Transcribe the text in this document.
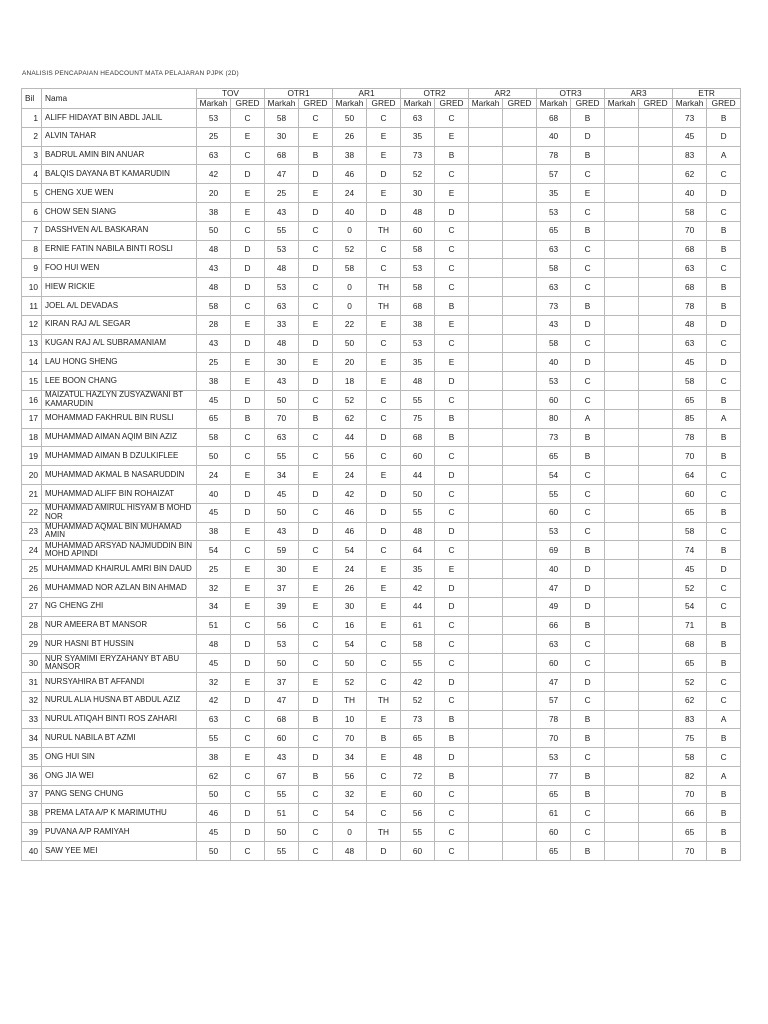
ANALISIS PENCAPAIAN HEADCOUNT MATA PELAJARAN PJPK (2D)
Bil	Nama	TOV		OTR1		AR1		OTR2		AR2		OTR3		AR3		ETR	
		Markah	GRED	Markah	GRED	Markah	GRED	Markah	GRED	Markah	GRED	Markah	GRED	Markah	GRED	Markah	GRED
1	ALIFF HIDAYAT BIN ABDL JALIL	53	C	58	C	50	C	63	C			68	B			73	B
2	ALVIN TAHAR	25	E	30	E	26	E	35	E			40	D			45	D
3	BADRUL AMIN BIN ANUAR	63	C	68	B	38	E	73	B			78	B			83	A
4	BALQIS DAYANA BT KAMARUDIN	42	D	47	D	46	D	52	C			57	C			62	C
5	CHENG XUE WEN	20	E	25	E	24	E	30	E			35	E			40	D
6	CHOW SEN SIANG	38	E	43	D	40	D	48	D			53	C			58	C
7	DASSHVEN A/L BASKARAN	50	C	55	C	0	TH	60	C			65	B			70	B
8	ERNIE FATIN NABILA BINTI ROSLI	48	D	53	C	52	C	58	C			63	C			68	B
9	FOO HUI WEN	43	D	48	D	58	C	53	C			58	C			63	C
10	HIEW RICKIE	48	D	53	C	0	TH	58	C			63	C			68	B
11	JOEL A/L DEVADAS	58	C	63	C	0	TH	68	B			73	B			78	B
12	KIRAN RAJ A/L SEGAR	28	E	33	E	22	E	38	E			43	D			48	D
13	KUGAN RAJ A/L SUBRAMANIAM	43	D	48	D	50	C	53	C			58	C			63	C
14	LAU HONG SHENG	25	E	30	E	20	E	35	E			40	D			45	D
15	LEE BOON CHANG	38	E	43	D	18	E	48	D			53	C			58	C
16	MAIZATUL HAZLYN ZUSYAZWANI BT KAMARUDIN	45	D	50	C	52	C	55	C			60	C			65	B
17	MOHAMMAD FAKHRUL BIN RUSLI	65	B	70	B	62	C	75	B			80	A			85	A
18	MUHAMMAD AIMAN AQIM BIN AZIZ	58	C	63	C	44	D	68	B			73	B			78	B
19	MUHAMMAD AIMAN B DZULKIFLEE	50	C	55	C	56	C	60	C			65	B			70	B
20	MUHAMMAD AKMAL B NASARUDDIN	24	E	34	E	24	E	44	D			54	C			64	C
21	MUHAMMAD ALIFF BIN ROHAIZAT	40	D	45	D	42	D	50	C			55	C			60	C
22	MUHAMMAD AMIRUL HISYAM B MOHD NOR	45	D	50	C	46	D	55	C			60	C			65	B
23	MUHAMMAD AQMAL BIN MUHAMAD AMIN	38	E	43	D	46	D	48	D			53	C			58	C
24	MUHAMMAD ARSYAD NAJMUDDIN BIN MOHD APINDI	54	C	59	C	54	C	64	C			69	B			74	B
25	MUHAMMAD KHAIRUL AMRI BIN DAUD	25	E	30	E	24	E	35	E			40	D			45	D
26	MUHAMMAD NOR AZLAN BIN AHMAD	32	E	37	E	26	E	42	D			47	D			52	C
27	NG CHENG ZHI	34	E	39	E	30	E	44	D			49	D			54	C
28	NUR AMEERA BT MANSOR	51	C	56	C	16	E	61	C			66	B			71	B
29	NUR HASNI BT HUSSIN	48	D	53	C	54	C	58	C			63	C			68	B
30	NUR SYAMIMI ERYZAHANY BT ABU MANSOR	45	D	50	C	50	C	55	C			60	C			65	B
31	NURSYAHIRA BT AFFANDI	32	E	37	E	52	C	42	D			47	D			52	C
32	NURUL ALIA HUSNA BT ABDUL AZIZ	42	D	47	D	TH	TH	52	C			57	C			62	C
33	NURUL ATIQAH BINTI ROS ZAHARI	63	C	68	B	10	E	73	B			78	B			83	A
34	NURUL NABILA BT AZMI	55	C	60	C	70	B	65	B			70	B			75	B
35	ONG HUI SIN	38	E	43	D	34	E	48	D			53	C			58	C
36	ONG JIA WEI	62	C	67	B	56	C	72	B			77	B			82	A
37	PANG SENG CHUNG	50	C	55	C	32	E	60	C			65	B			70	B
38	PREMA LATA A/P K MARIMUTHU	46	D	51	C	54	C	56	C			61	C			66	B
39	PUVANA A/P RAMIYAH	45	D	50	C	0	TH	55	C			60	C			65	B
40	SAW YEE MEI	50	C	55	C	48	D	60	C			65	B			70	B
